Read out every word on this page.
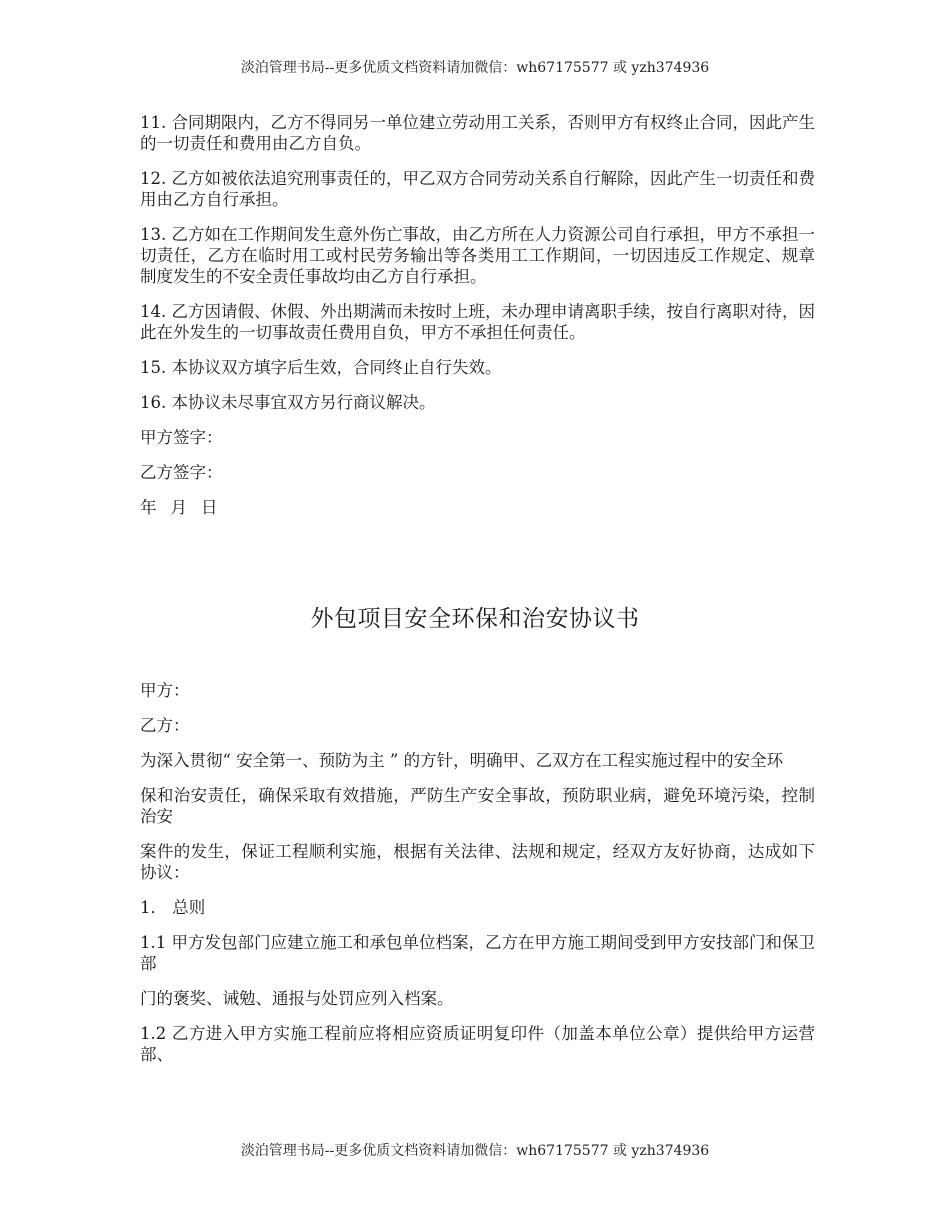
淡泊管理书局--更多优质文档资料请加微信：wh67175577 或 yzh374936

11. 合同期限内，乙方不得同另一单位建立劳动用工关系，否则甲方有权终止合同，因此产生的一切责任和费用由乙方自负。

12. 乙方如被依法追究刑事责任的，甲乙双方合同劳动关系自行解除，因此产生一切责任和费用由乙方自行承担。

13. 乙方如在工作期间发生意外伤亡事故，由乙方所在人力资源公司自行承担，甲方不承担一切责任，乙方在临时用工或村民劳务输出等各类用工工作期间，一切因违反工作规定、规章制度发生的不安全责任事故均由乙方自行承担。

14. 乙方因请假、休假、外出期满而未按时上班，未办理申请离职手续，按自行离职对待，因此在外发生的一切事故责任费用自负，甲方不承担任何责任。

15. 本协议双方填字后生效，合同终止自行失效。

16. 本协议未尽事宜双方另行商议解决。

甲方签字：

乙方签字：

年 月 日

外包项目安全环保和治安协议书

甲方：

乙方：

为深入贯彻“ 安全第一、预防为主 ” 的方针，明确甲、乙双方在工程实施过程中的安全环

保和治安责任，确保采取有效措施，严防生产安全事故，预防职业病，避免环境污染，控制治安

案件的发生，保证工程顺利实施，根据有关法律、法规和规定，经双方友好协商，达成如下协议：

1． 总则

1.1 甲方发包部门应建立施工和承包单位档案，乙方在甲方施工期间受到甲方安技部门和保卫部

门的褒奖、诫勉、通报与处罚应列入档案。

1.2 乙方进入甲方实施工程前应将相应资质证明复印件（加盖本单位公章）提供给甲方运营部、

淡泊管理书局--更多优质文档资料请加微信：wh67175577 或 yzh374936
